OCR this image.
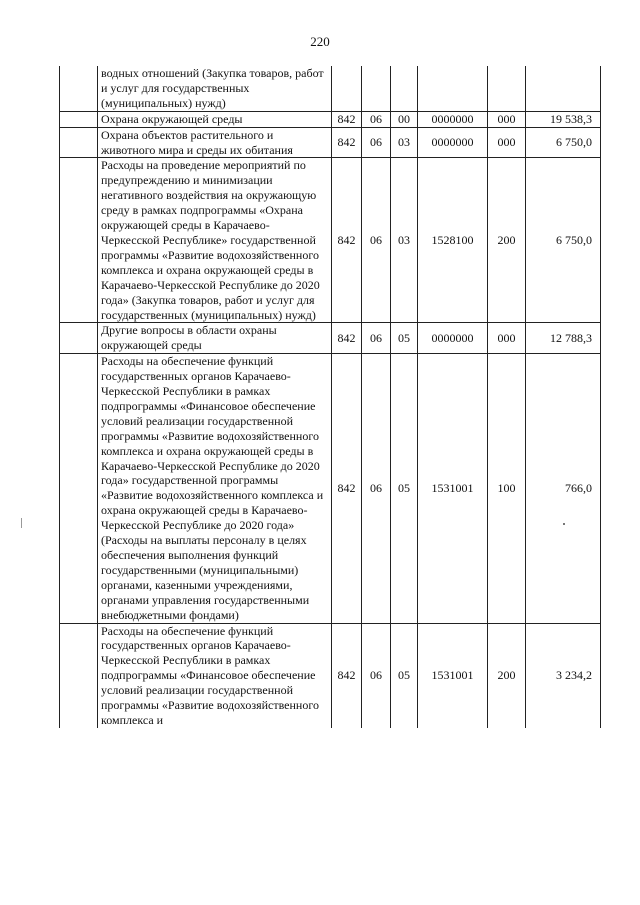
220
	водных отношений (Закупка товаров, работ и услуг для государственных (муниципальных) нужд)						
	Охрана окружающей среды	842	06	00	0000000	000	19 538,3
	Охрана объектов растительного и животного мира и среды их обитания	842	06	03	0000000	000	6 750,0
	Расходы на проведение мероприятий по предупреждению и минимизации негативного воздействия на окружающую среду в рамках подпрограммы «Охрана окружающей среды в Карачаево-Черкесской Республике» государственной программы «Развитие водохозяйственного комплекса и охрана окружающей среды в Карачаево-Черкесской Республике до 2020 года» (Закупка товаров, работ и услуг для государственных (муниципальных) нужд)	842	06	03	1528100	200	6 750,0
	Другие вопросы в области охраны окружающей среды	842	06	05	0000000	000	12 788,3
	Расходы на обеспечение функций государственных органов Карачаево-Черкесской Республики в рамках подпрограммы «Финансовое обеспечение условий реализации государственной программы «Развитие водохозяйственного комплекса и охрана окружающей среды в Карачаево-Черкесской Республике до 2020 года» государственной программы «Развитие водохозяйственного комплекса и охрана окружающей среды в Карачаево-Черкесской Республике до 2020 года» (Расходы на выплаты персоналу в целях обеспечения выполнения функций государственными (муниципальными) органами, казенными учреждениями, органами управления государственными внебюджетными фондами)	842	06	05	1531001	100	766,0
	Расходы на обеспечение функций государственных органов Карачаево-Черкесской Республики в рамках подпрограммы «Финансовое обеспечение условий реализации государственной программы «Развитие водохозяйственного комплекса и	842	06	05	1531001	200	3 234,2
